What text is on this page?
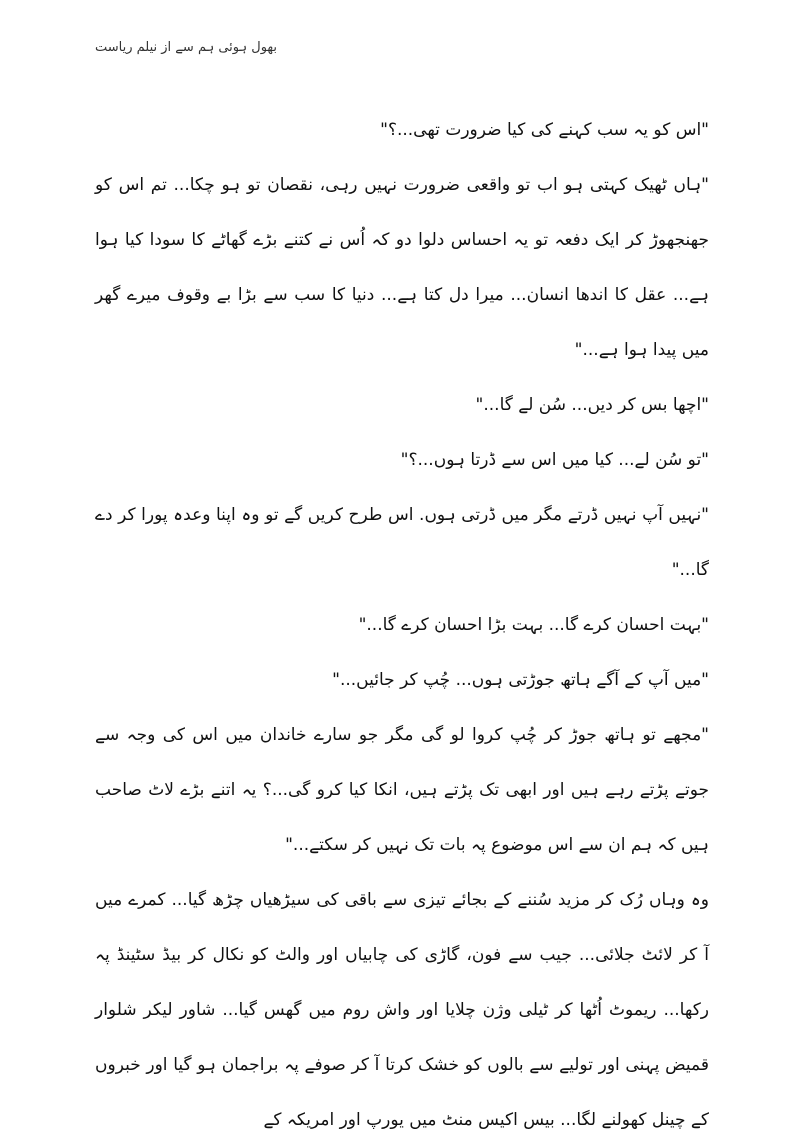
بھول ہوئی ہم سے از نیلم ریاست

"اس کو یہ سب کہنے کی کیا ضرورت تھی...؟"

"ہاں ٹھیک کہتی ہو اب تو واقعی ضرورت نہیں رہی، نقصان تو ہو چکا... تم اس کو جھنجھوڑ کر ایک دفعہ تو یہ احساس دلوا دو کہ اُس نے کتنے بڑے گھاٹے کا سودا کیا ہوا ہے... عقل کا اندھا انسان... میرا دل کتا ہے... دنیا کا سب سے بڑا بے وقوف میرے گھر میں پیدا ہوا ہے..."

"اچھا بس کر دیں... سُن لے گا..."

"تو سُن لے... کیا میں اس سے ڈرتا ہوں...؟"

"نہیں آپ نہیں ڈرتے مگر میں ڈرتی ہوں. اس طرح کریں گے تو وہ اپنا وعدہ پورا کر دے گا..."

"بہت احسان کرے گا... بہت بڑا احسان کرے گا..."

"میں آپ کے آگے ہاتھ جوڑتی ہوں... چُپ کر جائیں..."

"مجھے تو ہاتھ جوڑ کر چُپ کروا لو گی مگر جو سارے خاندان میں اس کی وجہ سے جوتے پڑتے رہے ہیں اور ابھی تک پڑتے ہیں، انکا کیا کرو گی...؟ یہ اتنے بڑے لاٹ صاحب ہیں کہ ہم ان سے اس موضوع پہ بات تک نہیں کر سکتے..."

وہ وہاں رُک کر مزید سُننے کے بجائے تیزی سے باقی کی سیڑھیاں چڑھ گیا... کمرے میں آ کر لائٹ جلائی... جیب سے فون، گاڑی کی چابیاں اور والٹ کو نکال کر بیڈ سٹینڈ پہ رکھا... ریموٹ اُٹھا کر ٹیلی وژن چلایا اور واش روم میں گھس گیا... شاور لیکر شلوار قمیض پہنی اور تولیے سے بالوں کو خشک کرتا آ کر صوفے پہ براجمان ہو گیا اور خبروں کے چینل کھولنے لگا... بیس اکیس منٹ میں یورپ اور امریکہ کے
